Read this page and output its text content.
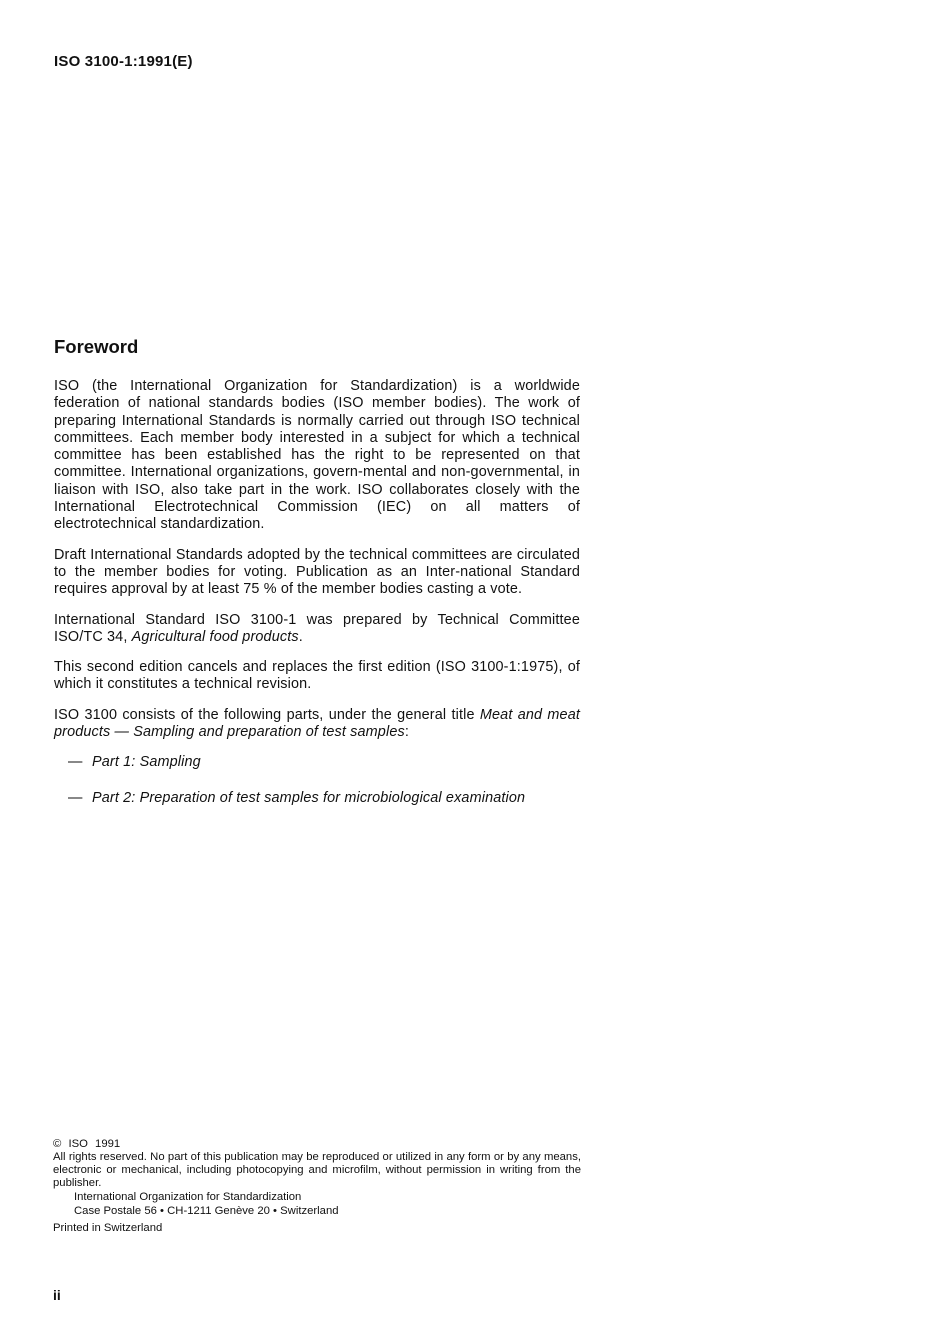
ISO 3100-1:1991(E)
Foreword

ISO (the International Organization for Standardization) is a worldwide federation of national standards bodies (ISO member bodies). The work of preparing International Standards is normally carried out through ISO technical committees. Each member body interested in a subject for which a technical committee has been established has the right to be represented on that committee. International organizations, govern-mental and non-governmental, in liaison with ISO, also take part in the work. ISO collaborates closely with the International Electrotechnical Commission (IEC) on all matters of electrotechnical standardization.

Draft International Standards adopted by the technical committees are circulated to the member bodies for voting. Publication as an Inter-national Standard requires approval by at least 75 % of the member bodies casting a vote.

International Standard ISO 3100-1 was prepared by Technical Committee ISO/TC 34, Agricultural food products.

This second edition cancels and replaces the first edition (ISO 3100-1:1975), of which it constitutes a technical revision.

ISO 3100 consists of the following parts, under the general title Meat and meat products — Sampling and preparation of test samples:

— Part 1: Sampling
— Part 2: Preparation of test samples for microbiological examination

© ISO 1991

All rights reserved. No part of this publication may be reproduced or utilized in any form or by any means, electronic or mechanical, including photocopying and microfilm, without permission in writing from the publisher.

International Organization for Standardization

Case Postale 56 • CH-1211 Genève 20 • Switzerland

Printed in Switzerland

ii
